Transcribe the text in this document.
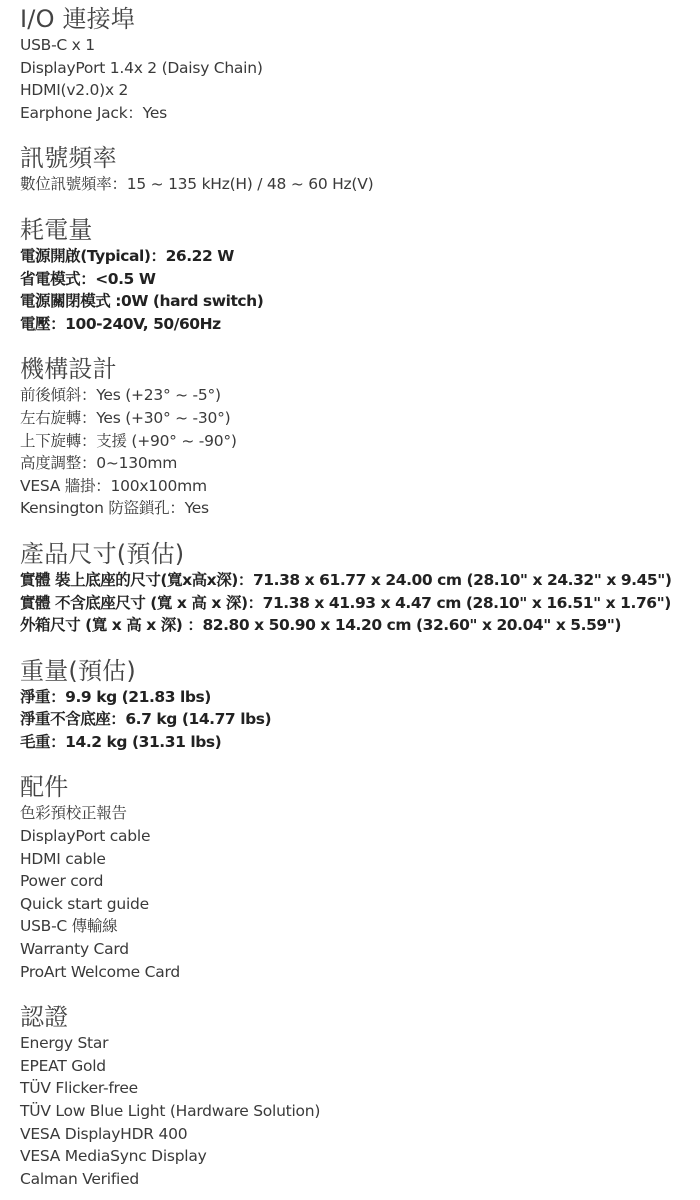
I/O 連接埠
USB-C x 1
DisplayPort 1.4x 2 (Daisy Chain)
HDMI(v2.0)x 2
Earphone Jack：Yes
訊號頻率
數位訊號頻率：15 ~ 135 kHz(H) / 48 ~ 60 Hz(V)
耗電量
電源開啟(Typical)：26.22 W
省電模式：<0.5 W
電源關閉模式 :0W (hard switch)
電壓：100-240V, 50/60Hz
機構設計
前後傾斜：Yes (+23° ~ -5°)
左右旋轉：Yes (+30° ~ -30°)
上下旋轉：支援 (+90° ~ -90°)
高度調整：0~130mm
VESA 牆掛：100x100mm
Kensington 防盜鎖孔：Yes
產品尺寸(預估)
實體 裝上底座的尺寸(寬x高x深)：71.38 x 61.77 x 24.00 cm (28.10" x 24.32" x 9.45")
實體 不含底座尺寸 (寬 x 高 x 深)：71.38 x 41.93 x 4.47 cm (28.10" x 16.51" x 1.76")
外箱尺寸 (寬 x 高 x 深) ：82.80 x 50.90 x 14.20 cm (32.60" x 20.04" x 5.59")
重量(預估)
淨重：9.9 kg (21.83 lbs)
淨重不含底座：6.7 kg (14.77 lbs)
毛重：14.2 kg (31.31 lbs)
配件
色彩預校正報告
DisplayPort cable
HDMI cable
Power cord
Quick start guide
USB-C 傳輸線
Warranty Card
ProArt Welcome Card
認證
Energy Star
EPEAT Gold
TÜV Flicker-free
TÜV Low Blue Light (Hardware Solution)
VESA DisplayHDR 400
VESA MediaSync Display
Calman Verified
